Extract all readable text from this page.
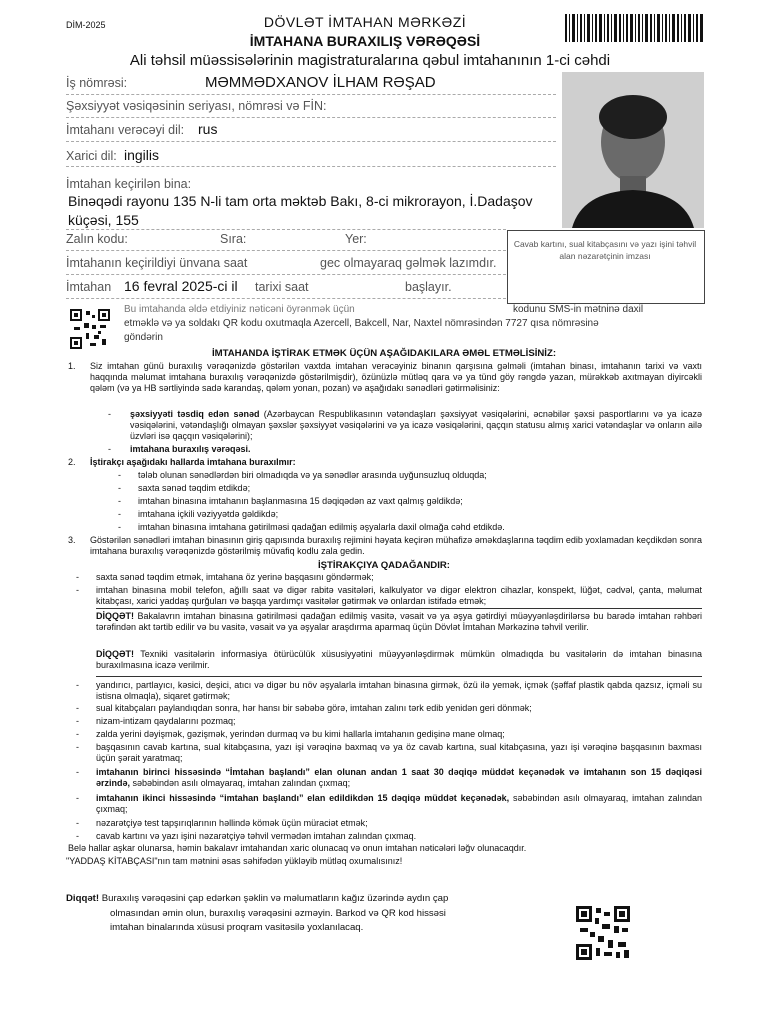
DİM-2025	DÖVLƏT İMTAHAN MƏRKƏZİ
İMTAHANA BURAXILIŞ VƏRƏQƏSİ
Ali təhsil müəssisələrinin magistraturalarına qəbul imtahanının 1-ci cəhdi
Cavab kartını, sual kitabçasını və yazı işini təhvil alan nəzarətçinin imzası
İş nömrəsi:	MƏMMƏDXANOV İLHAM RƏŞAD
Şəxsiyyət vəsiqəsinin seriyası, nömrəsi və FİN:
İmtahanı verəcəyi dil: rus
Xarici dil: ingilis
İmtahan keçirilən bina:
Binəqədi rayonu 135 N-li tam orta məktəb Bakı, 8-ci mikrorayon, İ.Dadaşov
küçəsi, 155
Zalın kodu:	Sıra:	Yer:
İmtahanın keçirildiyi ünvana saat	gec olmayaraq gəlmək lazımdır.
İmtahan 16 fevral 2025-ci il tarixi saat	başlayır.
Bu imtahanda əldə etdiyiniz nəticəni öyrənmək üçün	kodunu SMS-in mətninə daxil
etməklə və ya soldakı QR kodu oxutmaqla Azercell, Bakcell, Nar, Naxtel nömrəsindən 7727 qısa nömrəsinə
göndərin
İMTAHANDA İŞTİRAK ETMƏK ÜÇÜN AŞAĞIDAKILARA ƏMƏL ETMƏLİSİNİZ:
1. Siz imtahan günü buraxılış vərəqənizdə göstərilən vaxtda imtahan verəcəyiniz binanın qarşısına gəlməli (imtahan binası, imtahanın tarixi və vaxtı haqqında məlumat imtahana buraxılış vərəqənizdə göstərilmişdir), özünüzlə mütləq qara və ya tünd göy rəngdə yazan, mürəkkəb axıtmayan diyircəkli qələm (və ya HB sərtliyində sadə karandaş, qələm yonan, pozan) və aşağıdakı sənədləri gətirməlisiniz:
- şəxsiyyəti təsdiq edən sənəd (Azərbaycan Respublikasının vətəndaşları şəxsiyyət vəsiqələrini, əcnəbilər şəxsi pasportlarını və ya icazə vəsiqələrini, vətəndaşlığı olmayan şəxslər şəxsiyyət vəsiqələrini və ya icazə vəsiqələrini, qaçqın statusu almış xarici vətəndaşlar və onların ailə üzvləri isə qaçqın vəsiqələrini);
- imtahana buraxılış vərəqəsi.
2. İştirakçı aşağıdakı hallarda imtahana buraxılmır:
- tələb olunan sənədlərdən biri olmadıqda və ya sənədlər arasında uyğunsuzluq olduqda;
- saxta sənəd təqdim etdikdə;
- imtahan binasına imtahanın başlanmasına 15 dəqiqədən az vaxt qalmış gəldikdə;
- imtahana içkili vəziyyətdə gəldikdə;
- imtahan binasına imtahana gətirilməsi qadağan edilmiş əşyalarla daxil olmağa cəhd etdikdə.
3. Göstərilən sənədləri imtahan binasının giriş qapısında buraxılış rejimini həyata keçirən mühafizə əməkdaşlarına təqdim edib yoxlamadan keçdikdən sonra imtahana buraxılış vərəqənizdə göstərilmiş müvafiq kodlu zala gedin.
İŞTİRAKÇIYA QADAĞANDIR:
- saxta sənəd təqdim etmək, imtahana öz yerinə başqasını göndərmək;
- imtahan binasına mobil telefon, ağıllı saat və digər rabitə vasitələri, kalkulyator və digər elektron cihazlar, konspekt, lüğət, cədvəl, çanta, məlumat kitabçası, xarici yaddaş qurğuları və başqa yardımçı vasitələr gətirmək və onlardan istifadə etmək;
DİQQƏT! Bakalavrın imtahan binasına gətirilməsi qadağan edilmiş vasitə, vəsait və ya əşya gətirdiyi müəyyənləşdirilərsə bu barədə imtahan rəhbəri tərəfindən akt tərtib edilir və bu vasitə, vəsait və ya əşyalar araşdırma aparmaq üçün Dövlət İmtahan Mərkəzinə təhvil verilir.
DİQQƏT! Texniki vasitələrin informasiya ötürücülük xüsusiyyətini müəyyənləşdirmək mümkün olmadıqda bu vasitələrin də imtahan binasına buraxılmasına icazə verilmir.
- yandırıcı, partlayıcı, kəsici, deşici, atıcı və digər bu növ əşyalarla imtahan binasına girmək, özü ilə yemək, içmək (şəffaf plastik qabda qazsız, içməli su istisna olmaqla), siqaret gətirmək;
- sual kitabçaları paylandıqdan sonra, hər hansı bir səbəbə görə, imtahan zalını tərk edib yenidən geri dönmək;
- nizam-intizam qaydalarını pozmaq;
- zalda yerini dəyişmək, gəzişmək, yerindən durmaq və bu kimi hallarla imtahanın gedişinə mane olmaq;
- başqasının cavab kartına, sual kitabçasına, yazı işi vərəqinə baxmaq və ya öz cavab kartına, sual kitabçasına, yazı işi vərəqinə başqasının baxması üçün şərait yaratmaq;
- imtahanın birinci hissəsində “İmtahan başlandı” elan olunan andan 1 saat 30 dəqiqə müddət keçənədək və imtahanın son 15 dəqiqəsi ərzində, səbəbindən asılı olmayaraq, imtahan zalından çıxmaq;
- imtahanın ikinci hissəsində “imtahan başlandı” elan edildikdən 15 dəqiqə müddət keçənədək, səbəbindən asılı olmayaraq, imtahan zalından çıxmaq;
- nəzarətçiyə test tapşırıqlarının həllində kömək üçün müraciət etmək;
- cavab kartını və yazı işini nəzarətçiyə təhvil vermədən imtahan zalından çıxmaq.
Belə hallar aşkar olunarsa, həmin bakalavr imtahandan xaric olunacaq və onun imtahan nəticələri ləğv olunacaqdır.
"YADDAŞ KİTABÇASI"nın tam mətnini əsas səhifədən yükləyib mütləq oxumalısınız!
Diqqət! Buraxılış vərəqəsini çap edərkən şəklin və məlumatların kağız üzərində aydın çap
olmasından əmin olun, buraxılış vərəqəsini əzməyin. Barkod və QR kod hissəsi
imtahan binalarında xüsusi proqram vasitəsilə yoxlanılacaq.
